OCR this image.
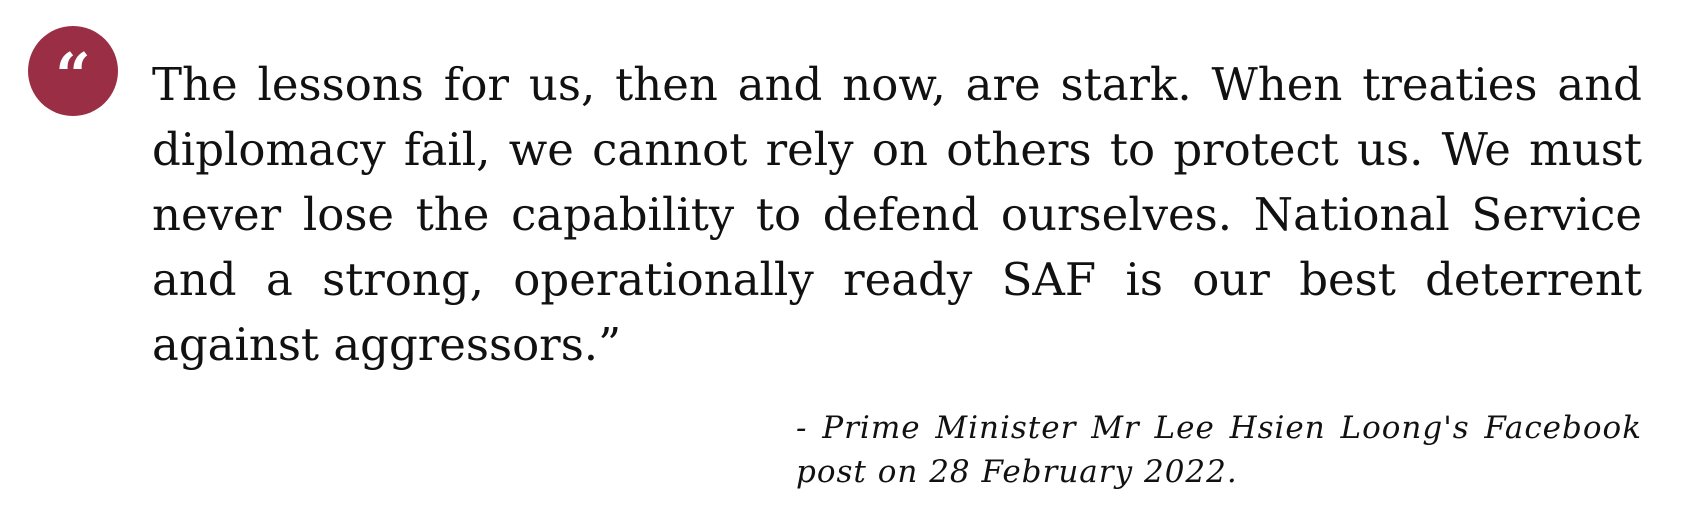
“ The lessons for us, then and now, are stark. When treaties and diplomacy fail, we cannot rely on others to protect us. We must never lose the capability to defend ourselves. National Service and a strong, operationally ready SAF is our best deterrent against aggressors.”

- Prime Minister Mr Lee Hsien Loong's Facebook post on 28 February 2022.
